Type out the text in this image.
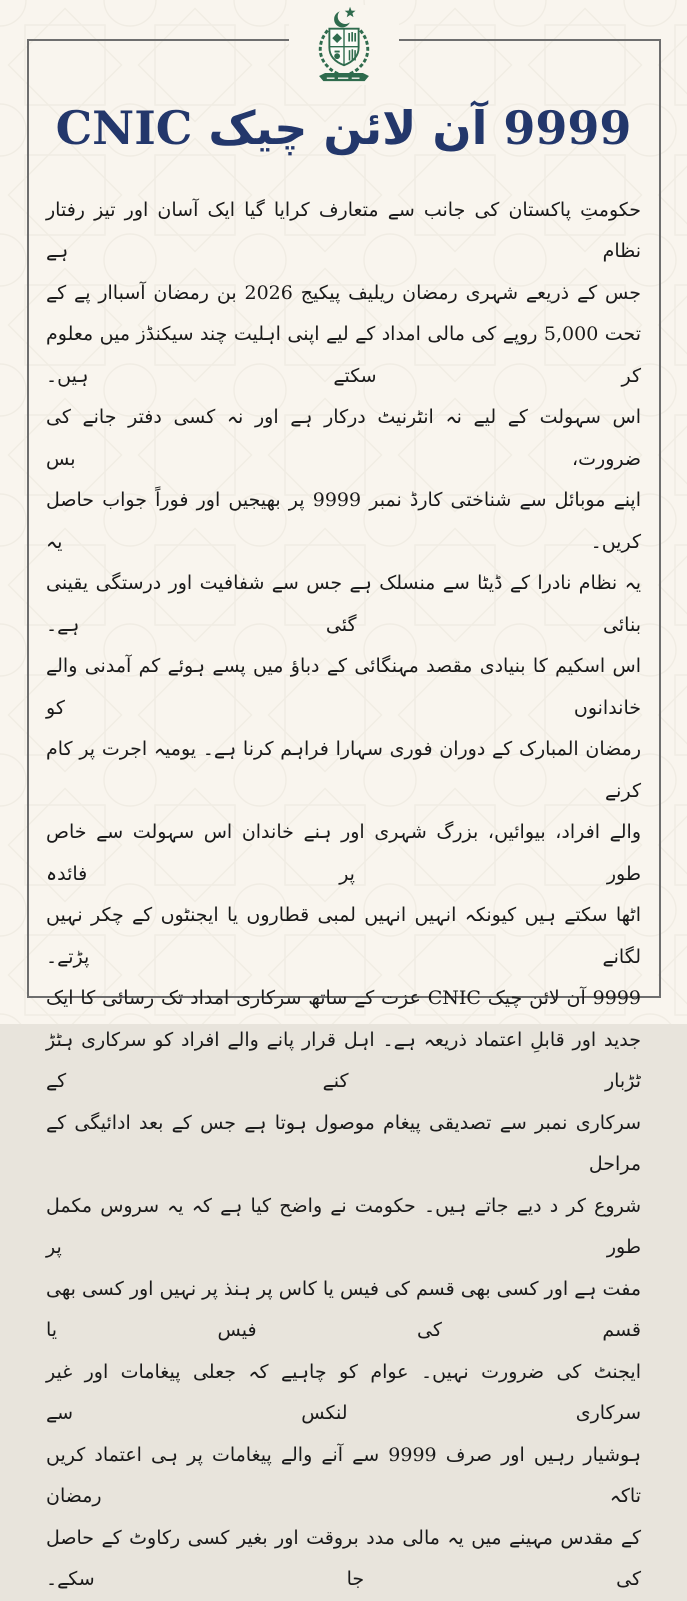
9999 آن لائن چیک CNIC
حکومتِ پاکستان کی جانب سے متعارف کرایا گیا ایک آسان اور تیز رفتار نظام ہے
جس کے ذریعے شہری رمضان ریلیف پیکیج 2026 بن رمضان آسباار پے کے
تحت 5,000 روپے کی مالی امداد کے لیے اپنی اہلیت چند سیکنڈز میں معلوم کر سکتے ہیں۔
اس سہولت کے لیے نہ انٹرنیٹ درکار ہے اور نہ کسی دفتر جانے کی ضرورت، بس
اپنے موبائل سے شناختی کارڈ نمبر 9999 پر بھیجیں اور فوراً جواب حاصل کریں۔ یہ
یہ نظام نادرا کے ڈیٹا سے منسلک ہے جس سے شفافیت اور درستگی یقینی بنائی گئی ہے۔
اس اسکیم کا بنیادی مقصد مہنگائی کے دباؤ میں پسے ہوئے کم آمدنی والے خاندانوں کو
رمضان المبارک کے دوران فوری سہارا فراہم کرنا ہے۔ یومیہ اجرت پر کام کرنے
والے افراد، بیوائیں، بزرگ شہری اور ہنے خاندان اس سہولت سے خاص طور پر فائدہ
اٹھا سکتے ہیں کیونکہ انہیں انہیں لمبی قطاروں یا ایجنٹوں کے چکر نہیں لگانے پڑتے۔
9999 آن لائن چیک CNIC عزت کے ساتھ سرکاری امداد تک رسائی کا ایک
جدید اور قابلِ اعتماد ذریعہ ہے۔ اہل قرار پانے والے افراد کو سرکاری ہٹڑ ٹڑبار کنے کے
سرکاری نمبر سے تصدیقی پیغام موصول ہوتا ہے جس کے بعد ادائیگی کے مراحل
شروع کر د دیے جاتے ہیں۔ حکومت نے واضح کیا ہے کہ یہ سروس مکمل طور پر
مفت ہے اور کسی بھی قسم کی فیس یا کاس پر ہنذ پر نہیں اور کسی بھی قسم کی فیس یا
ایجنٹ کی ضرورت نہیں۔ عوام کو چاہیے کہ جعلی پیغامات اور غیر سرکاری لنکس سے
ہوشیار رہیں اور صرف 9999 سے آنے والے پیغامات پر ہی اعتماد کریں تاکہ رمضان
کے مقدس مہینے میں یہ مالی مدد بروقت اور بغیر کسی رکاوٹ کے حاصل کی جا سکے۔
